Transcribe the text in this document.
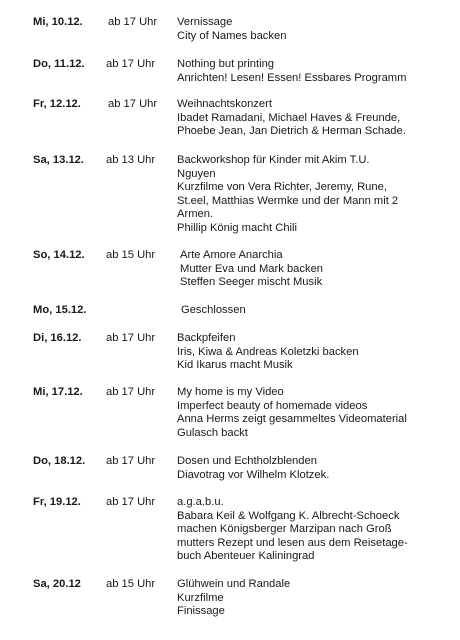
Mi, 10.12. ab 17 Uhr Vernissage
City of Names backen
Do, 11.12. ab 17 Uhr Nothing but printing
Anrichten! Lesen! Essen! Essbares Programm
Fr, 12.12. ab 17 Uhr Weihnachtskonzert
Ibadet Ramadani, Michael Haves & Freunde,
Phoebe Jean, Jan Dietrich & Herman Schade.
Sa, 13.12. ab 13 Uhr Backworkshop für Kinder mit Akim T.U.
Nguyen
Kurzfilme von Vera Richter, Jeremy, Rune,
St.eel, Matthias Wermke und der Mann mit 2
Armen.
Phillip König macht Chili
So, 14.12. ab 15 Uhr Arte Amore Anarchia
Mutter Eva und Mark backen
Steffen Seeger mischt Musik
Mo, 15.12.	Geschlossen
Di, 16.12. ab 17 Uhr Backpfeifen
Iris, Kiwa & Andreas Koletzki backen
Kid Ikarus macht Musik
Mi, 17.12. ab 17 Uhr My home is my Video
Imperfect beauty of homemade videos
Anna Herms zeigt gesammeltes Videomaterial
Gulasch backt
Do, 18.12. ab 17 Uhr Dosen und Echtholzblenden
Diavotrag vor Wilhelm Klotzek.
Fr, 19.12. ab 17 Uhr a.g.a.b.u.
Babara Keil & Wolfgang K. Albrecht-Schoeck
machen Königsberger Marzipan nach Groß
mutters Rezept und lesen aus dem Reisetage-
buch Abenteuer Kaliningrad
Sa, 20.12 ab 15 Uhr Glühwein und Randale
Kurzfilme
Finissage
